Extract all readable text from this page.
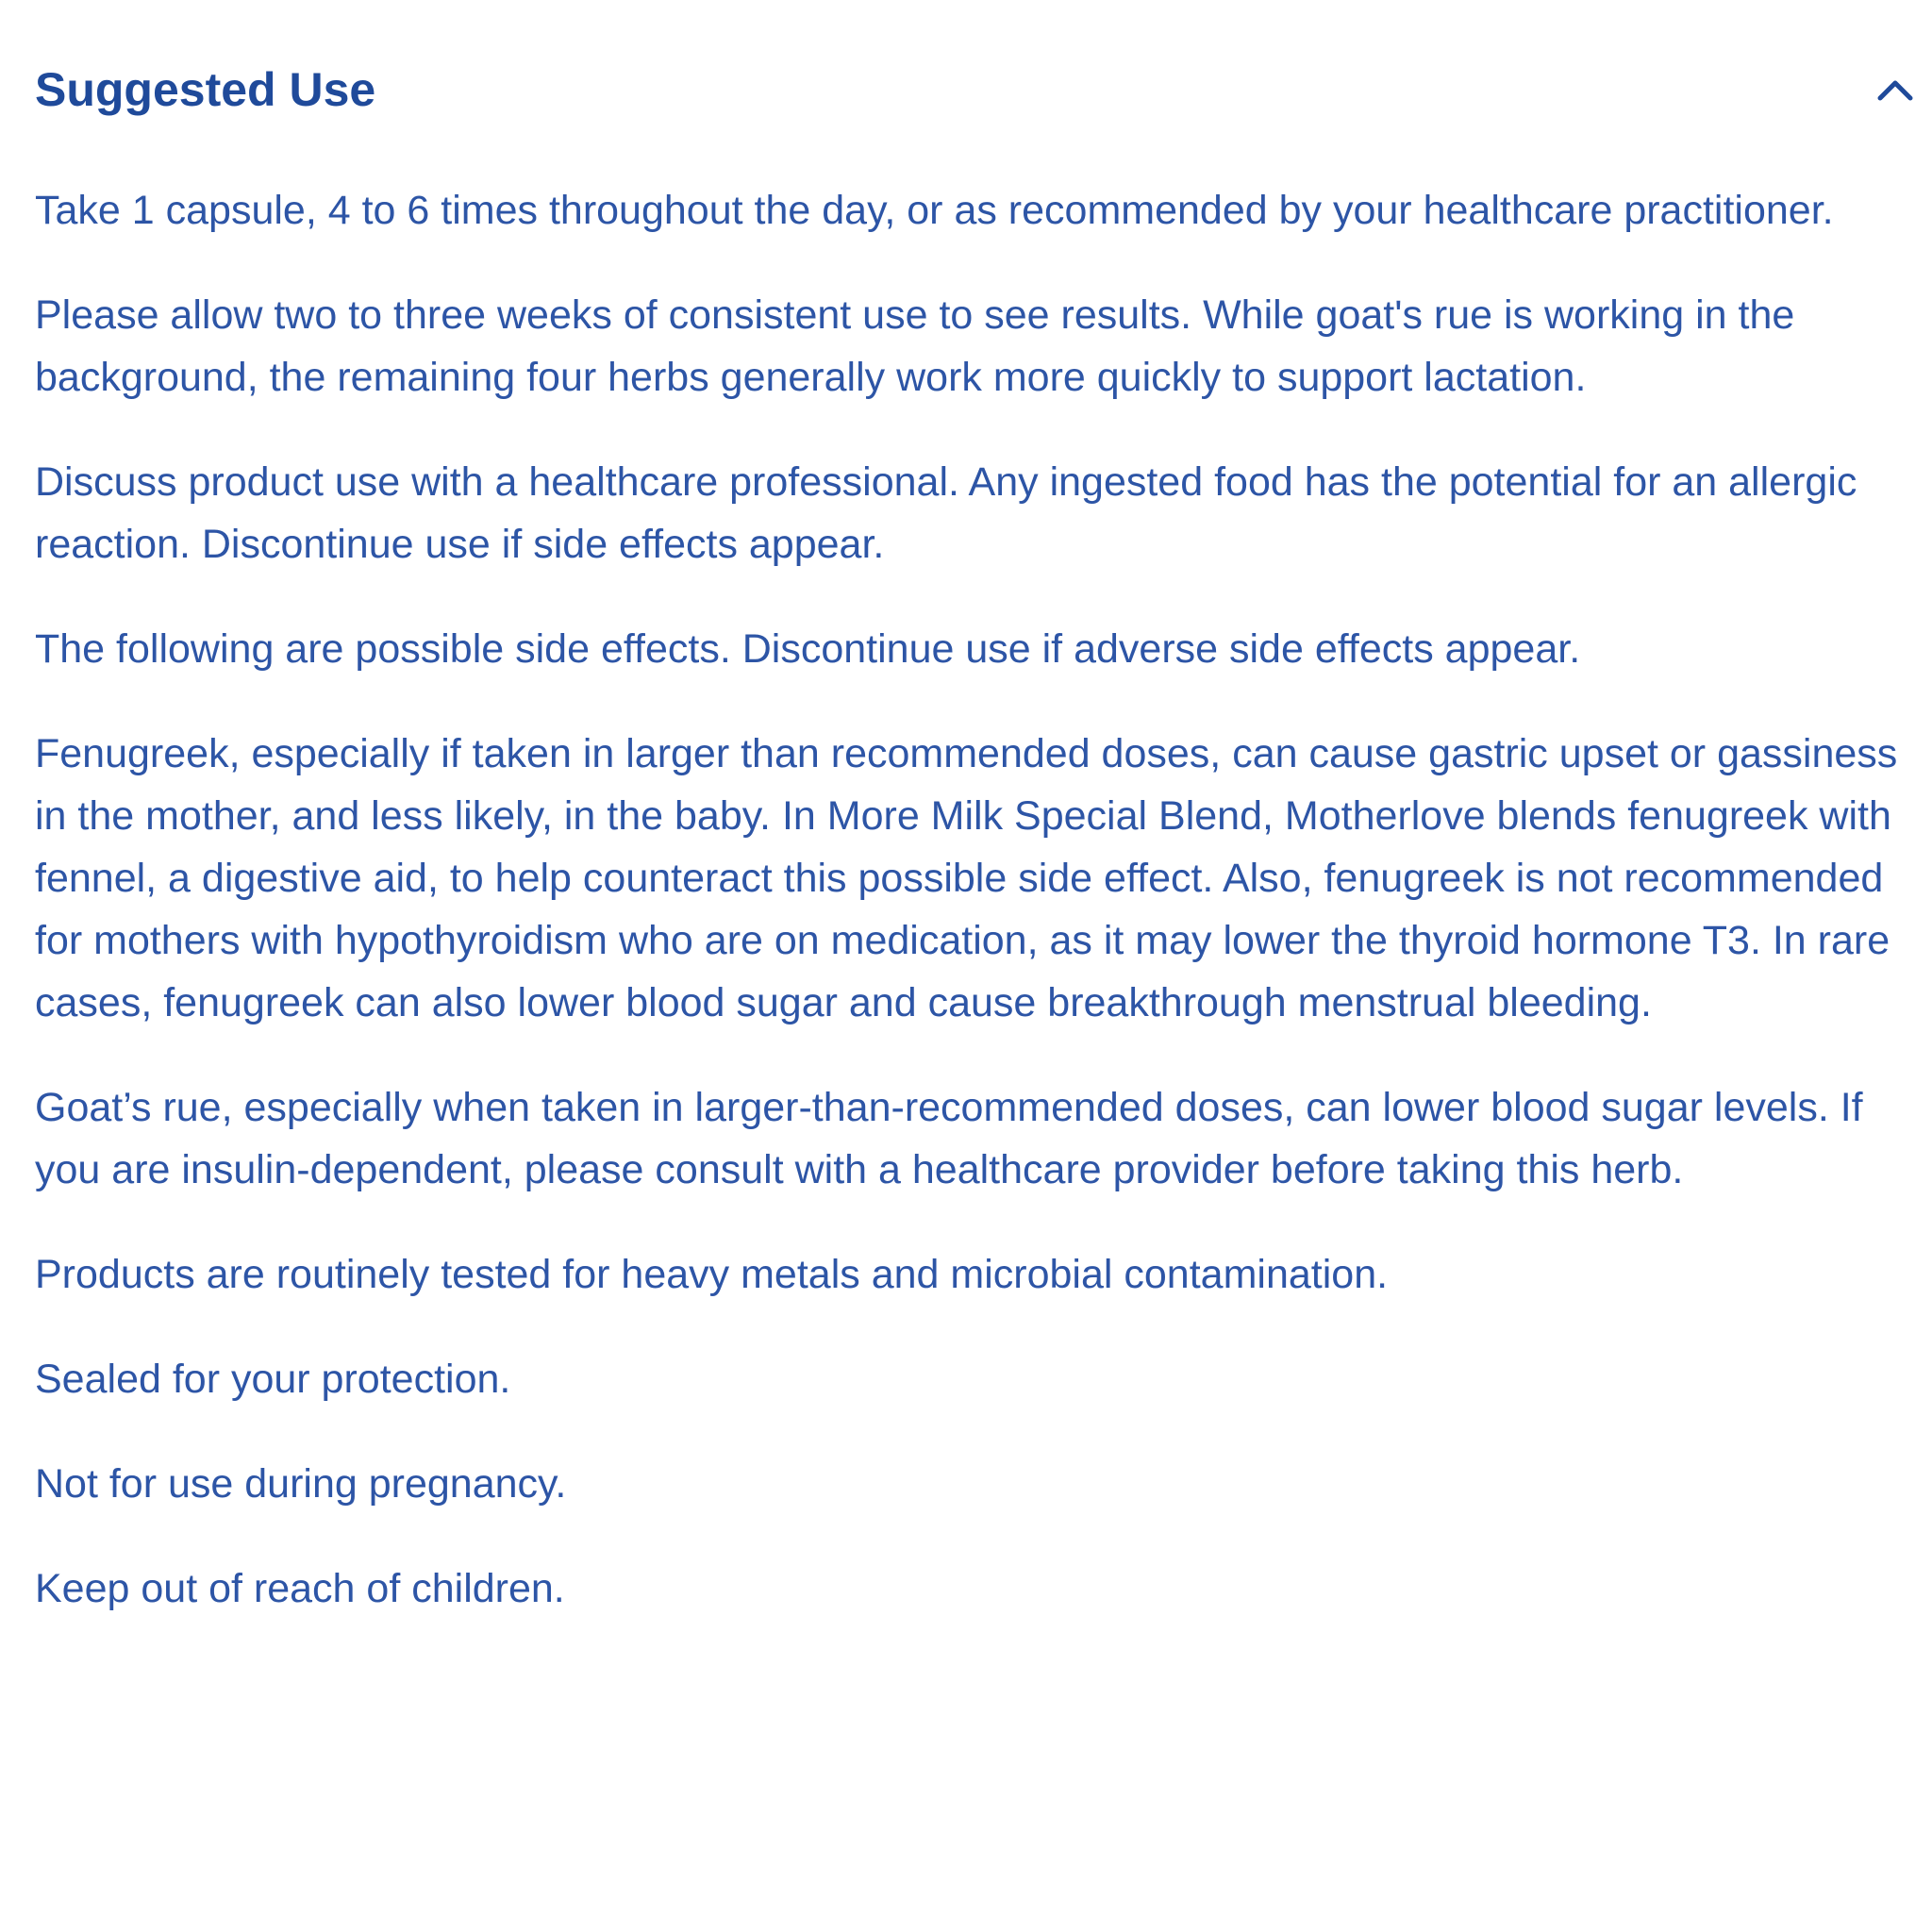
Suggested Use

Take 1 capsule, 4 to 6 times throughout the day, or as recommended by your healthcare practitioner.

Please allow two to three weeks of consistent use to see results. While goat's rue is working in the background, the remaining four herbs generally work more quickly to support lactation.

Discuss product use with a healthcare professional. Any ingested food has the potential for an allergic reaction. Discontinue use if side effects appear.

The following are possible side effects. Discontinue use if adverse side effects appear.

Fenugreek, especially if taken in larger than recommended doses, can cause gastric upset or gassiness in the mother, and less likely, in the baby. In More Milk Special Blend, Motherlove blends fenugreek with fennel, a digestive aid, to help counteract this possible side effect. Also, fenugreek is not recommended for mothers with hypothyroidism who are on medication, as it may lower the thyroid hormone T3. In rare cases, fenugreek can also lower blood sugar and cause breakthrough menstrual bleeding.

Goat’s rue, especially when taken in larger-than-recommended doses, can lower blood sugar levels. If you are insulin-dependent, please consult with a healthcare provider before taking this herb.

Products are routinely tested for heavy metals and microbial contamination.

Sealed for your protection.

Not for use during pregnancy.

Keep out of reach of children.
